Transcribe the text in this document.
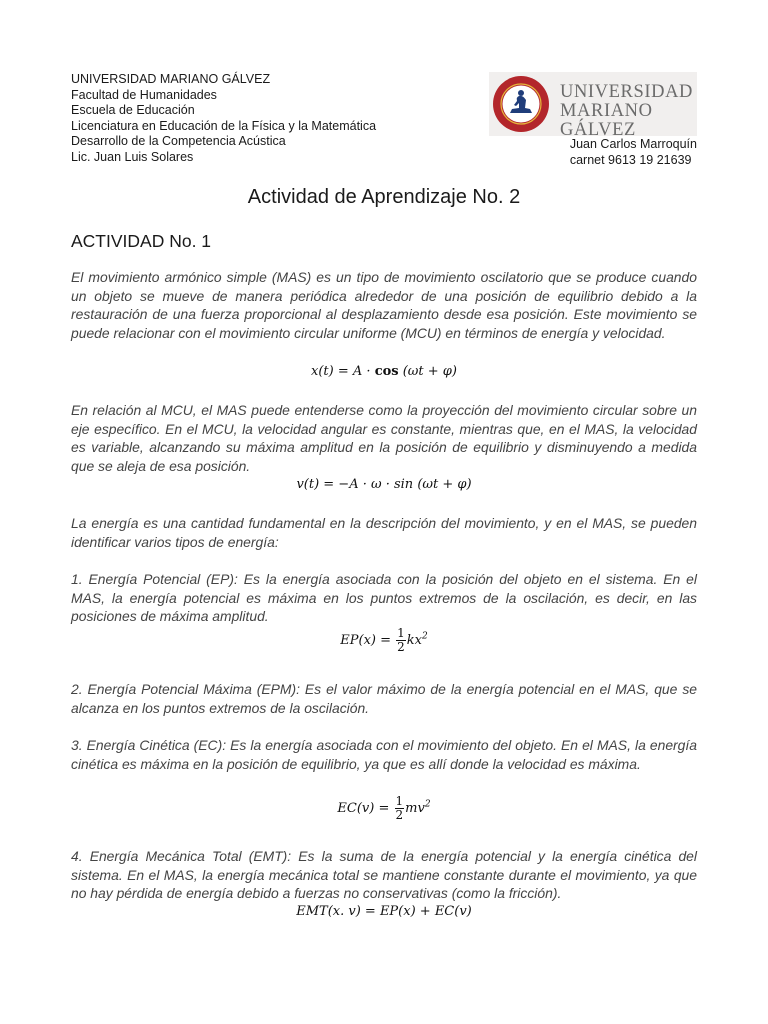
UNIVERSIDAD MARIANO GÁLVEZ
Facultad de Humanidades
Escuela de Educación
Licenciatura en Educación de la Física y la Matemática
Desarrollo de la Competencia Acústica
Lic. Juan Luis Solares
UNIVERSIDAD
MARIANO GÁLVEZ
Juan Carlos Marroquín
carnet 9613 19 21639
Actividad de Aprendizaje No. 2
ACTIVIDAD No. 1
El movimiento armónico simple (MAS) es un tipo de movimiento oscilatorio que se produce cuando un objeto se mueve de manera periódica alrededor de una posición de equilibrio debido a la restauración de una fuerza proporcional al desplazamiento desde esa posición. Este movimiento se puede relacionar con el movimiento circular uniforme (MCU) en términos de energía y velocidad.
x(t) = A · cos (ωt + φ)
En relación al MCU, el MAS puede entenderse como la proyección del movimiento circular sobre un eje específico. En el MCU, la velocidad angular es constante, mientras que, en el MAS, la velocidad es variable, alcanzando su máxima amplitud en la posición de equilibrio y disminuyendo a medida que se aleja de esa posición.
v(t) = −A · ω · sin (ωt + φ)
La energía es una cantidad fundamental en la descripción del movimiento, y en el MAS, se pueden identificar varios tipos de energía:
1. Energía Potencial (EP): Es la energía asociada con la posición del objeto en el sistema. En el MAS, la energía potencial es máxima en los puntos extremos de la oscilación, es decir, en las posiciones de máxima amplitud.
$EP(x) = \frac{1}{2} kx^2$
2. Energía Potencial Máxima (EPM): Es el valor máximo de la energía potencial en el MAS, que se alcanza en los puntos extremos de la oscilación.
3. Energía Cinética (EC): Es la energía asociada con el movimiento del objeto. En el MAS, la energía cinética es máxima en la posición de equilibrio, ya que es allí donde la velocidad es máxima.
$EC(v) = \frac{1}{2} mv^2$
4. Energía Mecánica Total (EMT): Es la suma de la energía potencial y la energía cinética del sistema. En el MAS, la energía mecánica total se mantiene constante durante el movimiento, ya que no hay pérdida de energía debido a fuerzas no conservativas (como la fricción).
EMT(x. v) = EP(x) + EC(v)
